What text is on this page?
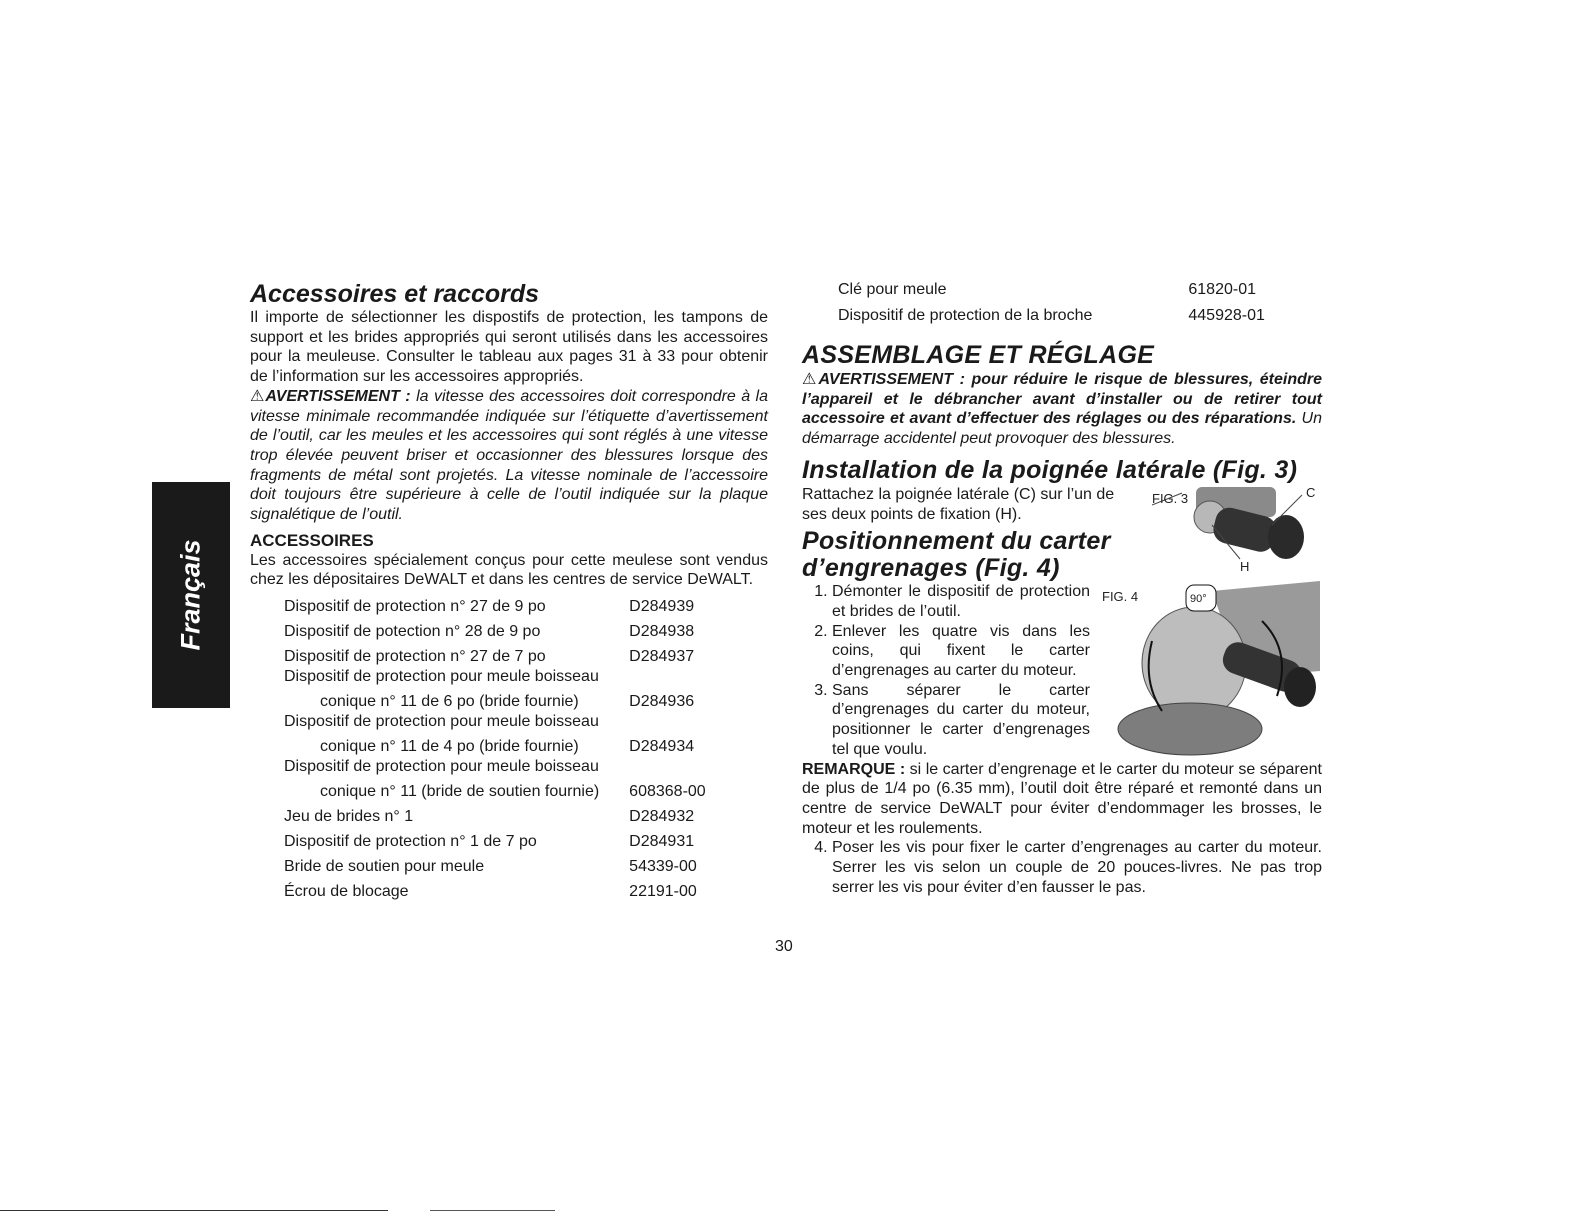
Français
Accessoires et raccords

Il importe de sélectionner les dispostifs de protection, les tampons de support et les brides appropriés qui seront utilisés dans les accessoires pour la meuleuse. Consulter le tableau aux pages 31 à 33 pour obtenir de l’information sur les accessoires appropriés.

⚠AVERTISSEMENT : la vitesse des accessoires doit correspondre à la vitesse minimale recommandée indiquée sur l’étiquette d’avertissement de l’outil, car les meules et les accessoires qui sont réglés à une vitesse trop élevée peuvent briser et occasionner des blessures lorsque des fragments de métal sont projetés. La vitesse nominale de l’accessoire doit toujours être supérieure à celle de l’outil indiquée sur la plaque signalétique de l’outil.

ACCESSOIRES

Les accessoires spécialement conçus pour cette meulese sont vendus chez les dépositaires DeWALT et dans les centres de service DeWALT.

Dispositif de protection n° 27 de 9 po	D284939
Dispositif de potection n° 28 de 9 po	D284938
Dispositif de protection n° 27 de 7 po	D284937
Dispositif de protection pour meule boisseau	
conique n° 11 de 6 po (bride fournie)	D284936
Dispositif de protection pour meule boisseau	
conique n° 11 de 4 po (bride fournie)	D284934
Dispositif de protection pour meule boisseau	
conique n° 11 (bride de soutien fournie)	608368-00
Jeu de brides n° 1	D284932
Dispositif de protection n° 1 de 7 po	D284931
Bride de soutien pour meule	54339-00
Écrou de blocage	22191-00
Clé pour meule	61820-01
Dispositif de protection de la broche	445928-01
ASSEMBLAGE ET RÉGLAGE

⚠AVERTISSEMENT : pour réduire le risque de blessures, éteindre l’appareil et le débrancher avant d’installer ou de retirer tout accessoire et avant d’effectuer des réglages ou des réparations. Un démarrage accidentel peut provoquer des blessures.

Installation de la poignée latérale (Fig. 3)

Rattachez la poignée latérale (C) sur l’un de ses deux points de fixation (H).

Positionnement du carter
d’engrenages (Fig. 4)
1. Démonter le dispositif de protection et brides de l’outil.
2. Enlever les quatre vis dans les coins, qui fixent le carter d’engrenages au carter du moteur.
3. Sans séparer le carter d’engrenages du carter du moteur, positionner le carter d’engrenages tel que voulu.
FIG. 3	C
H
FIG. 4	90°

REMARQUE : si le carter d’engrenage et le carter du moteur se séparent de plus de 1/4 po (6.35 mm), l’outil doit être réparé et remonté dans un centre de service DeWALT pour éviter d’endommager les brosses, le moteur et les roulements.

4. Poser les vis pour fixer le carter d’engrenages au carter du moteur. Serrer les vis selon un couple de 20 pouces-livres. Ne pas trop serrer les vis pour éviter d’en fausser le pas.
30
